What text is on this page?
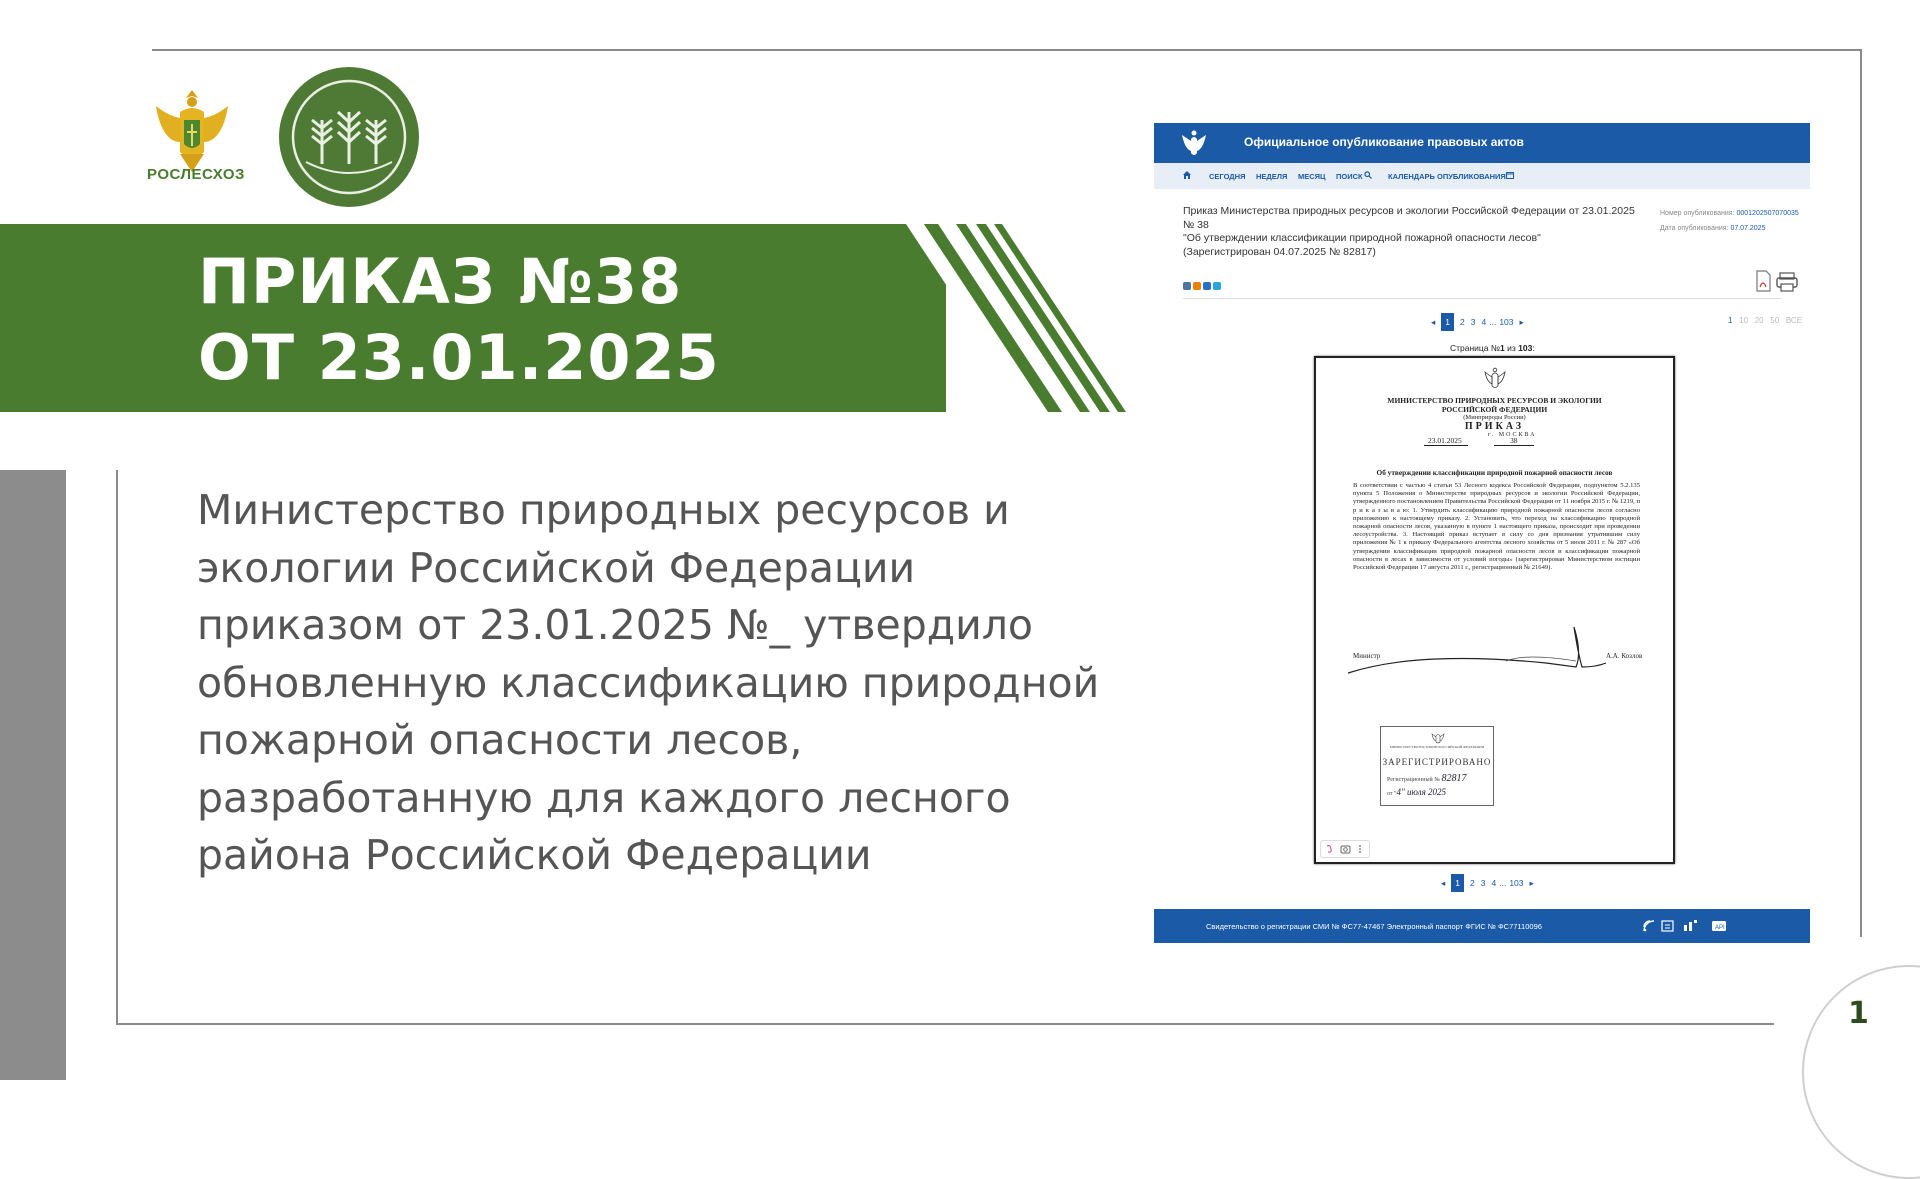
РОСЛЕСХОЗ
ПРИКАЗ №38
ОТ 23.01.2025
Министерство природных ресурсов и экологии Российской Федерации приказом от 23.01.2025 №_ утвердило обновленную классификацию природной пожарной опасности лесов, разработанную для каждого лесного района Российской Федерации
Официальное опубликование правовых актов
СЕГОДНЯ НЕДЕЛЯ МЕСЯЦ ПОИСК	КАЛЕНДАРЬ ОПУБЛИКОВАНИЯ
Приказ Министерства природных ресурсов и экологии Российской Федерации от 23.01.2025
№ 38
"Об утверждении классификации природной пожарной опасности лесов"
(Зарегистрирован 04.07.2025 № 82817)
Номер опубликования: 0001202507070035
Дата опубликования: 07.07.2025
◂ 1 2 3 4 ... 103 ▸	1 10 20 50 ВСЕ
Страница №1 из 103:
МИНИСТЕРСТВО ПРИРОДНЫХ РЕСУРСОВ И ЭКОЛОГИИ
РОССИЙСКОЙ ФЕДЕРАЦИИ
(Минприроды России)
ПРИКАЗ
23.01.2025
г. МОСКВА
38
Об утверждении классификации природной пожарной опасности лесов
В соответствии с частью 4 статьи 53 Лесного кодекса Российской Федерации, подпунктом 5.2.135 пункта 5 Положения о Министерстве природных ресурсов и экологии Российской Федерации, утвержденного постановлением Правительства Российской Федерации от 11 ноября 2015 г. № 1219, п р и к а з ы в а ю: 1. Утвердить классификацию природной пожарной опасности лесов согласно приложению к настоящему приказу. 2. Установить, что переход на классификацию природной пожарной опасности лесов, указанную в пункте 1 настоящего приказа, происходит при проведении лесоустройства. 3. Настоящий приказ вступает в силу со дня признания утратившим силу приложения № 1 к приказу Федерального агентства лесного хозяйства от 5 июля 2011 г. № 287 «Об утверждении классификации природной пожарной опасности лесов и классификации пожарной опасности в лесах в зависимости от условий погоды» (зарегистрирован Министерством юстиции Российской Федерации 17 августа 2011 г., регистрационный № 21649).
Министр	А.А. Козлов
МИНИСТЕРСТВО ЮСТИЦИИ РОССИЙСКОЙ ФЕДЕРАЦИИ
ЗАРЕГИСТРИРОВАНО
Регистрационный № 82817
от "4" июля 2025
◂ 1 2 3 4 ... 103 ▸
Свидетельство о регистрации СМИ № ФС77-47467 Электронный паспорт ФГИС № ФС77110096	API
1
